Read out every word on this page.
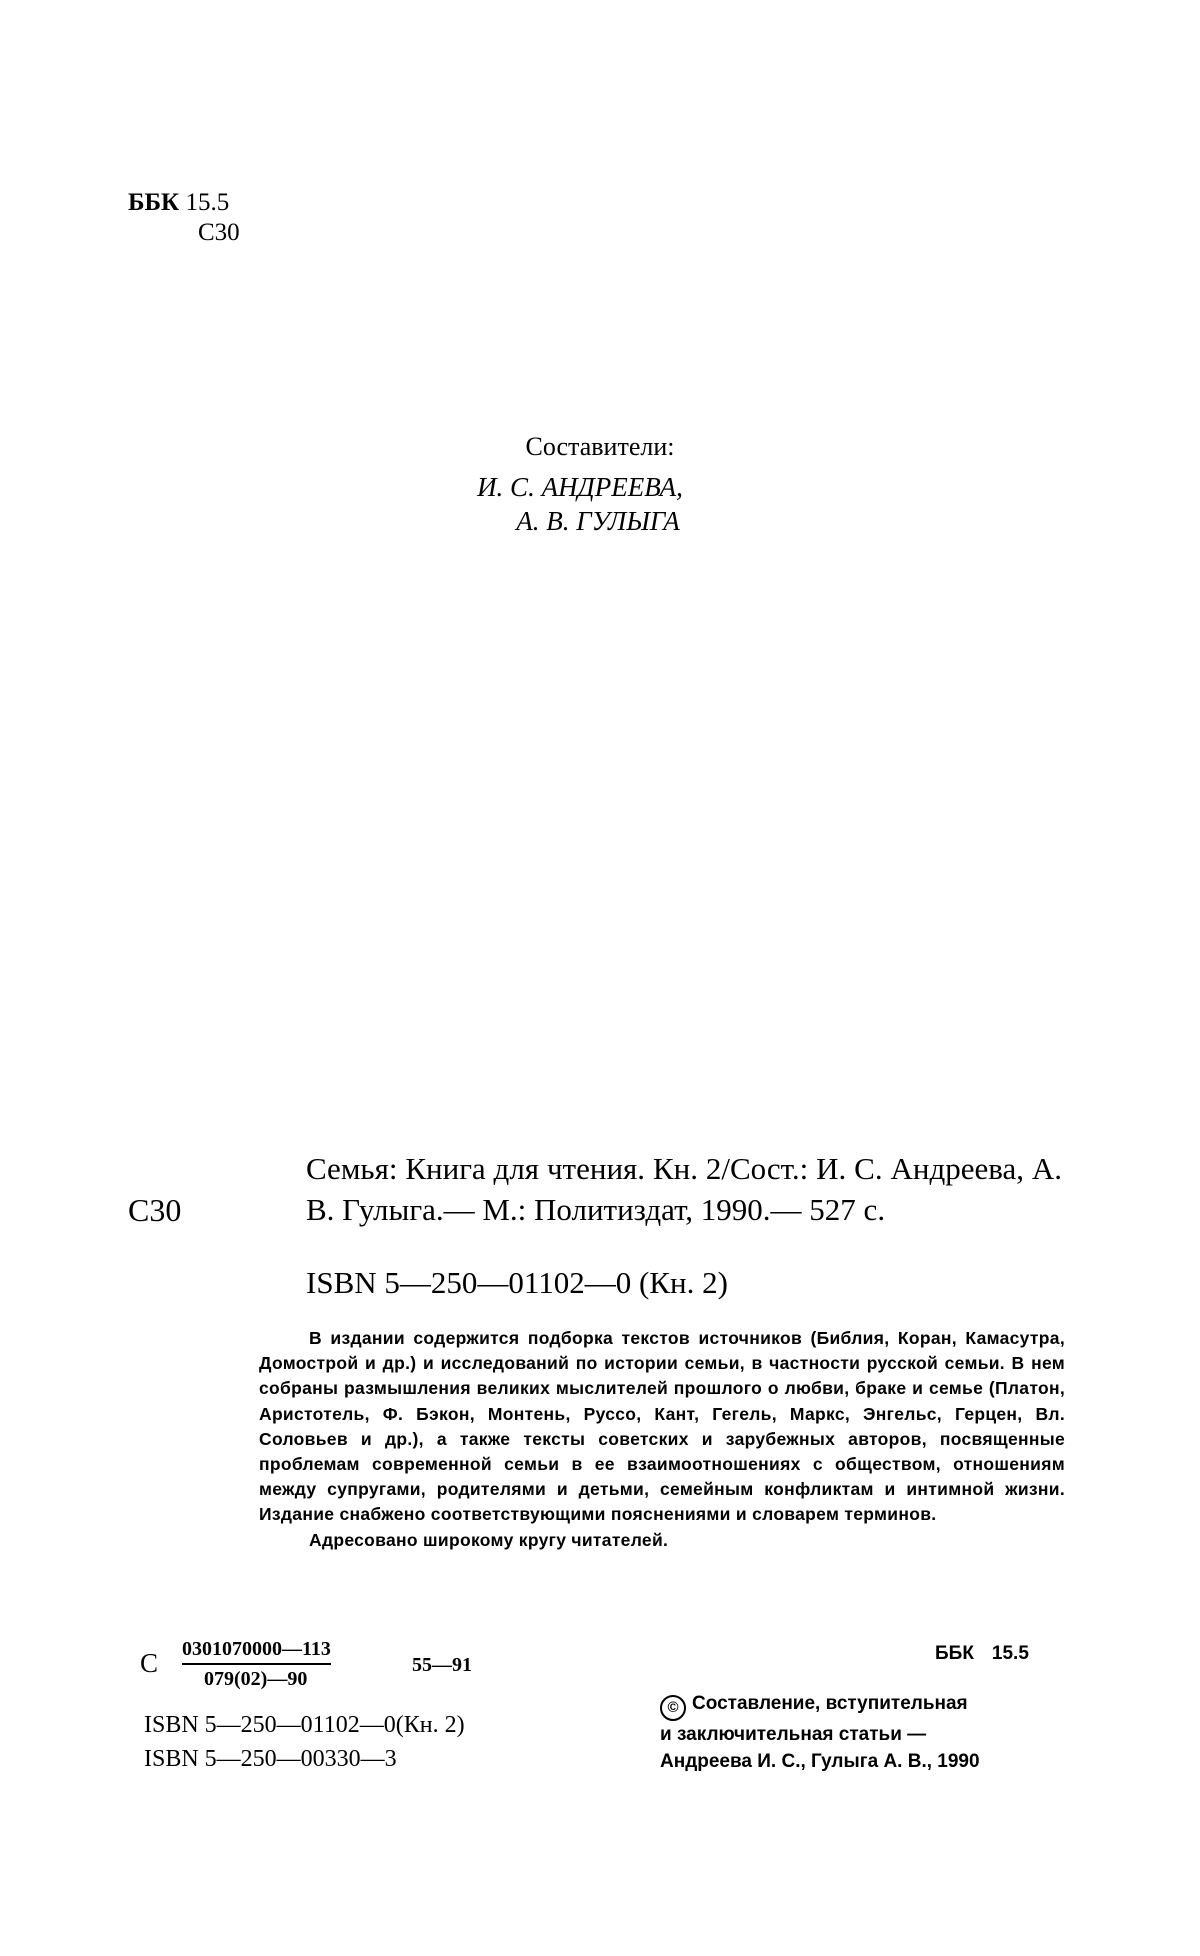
ББК 15.5
С30
Составители:
И. С. АНДРЕЕВА,
А. В. ГУЛЫГА
С30
Семья: Книга для чтения. Кн. 2/Сост.: И. С. Андреева, А. В. Гулыга.— М.: Политиздат, 1990.— 527 с.
ISBN 5—250—01102—0 (Кн. 2)

В издании содержится подборка текстов источников (Библия, Коран, Камасутра, Домострой и др.) и исследований по истории семьи, в частности русской семьи. В нем собраны размышления великих мыслителей прошлого о любви, браке и семье (Платон, Аристотель, Ф. Бэкон, Монтень, Руссо, Кант, Гегель, Маркс, Энгельс, Герцен, Вл. Соловьев и др.), а также тексты советских и зарубежных авторов, посвященные проблемам современной семьи в ее взаимоотношениях с обществом, отношениям между супругами, родителями и детьми, семейным конфликтам и интимной жизни. Издание снабжено соответствующими пояснениями и словарем терминов.

Адресовано широкому кругу читателей.

С 0301070000—113
079(02)—90
55—91
ББК 15.5
ISBN 5—250—01102—0(Кн. 2)
ISBN 5—250—00330—3
© Составление, вступительная
и заключительная статьи —
Андреева И. С., Гулыга А. В., 1990
